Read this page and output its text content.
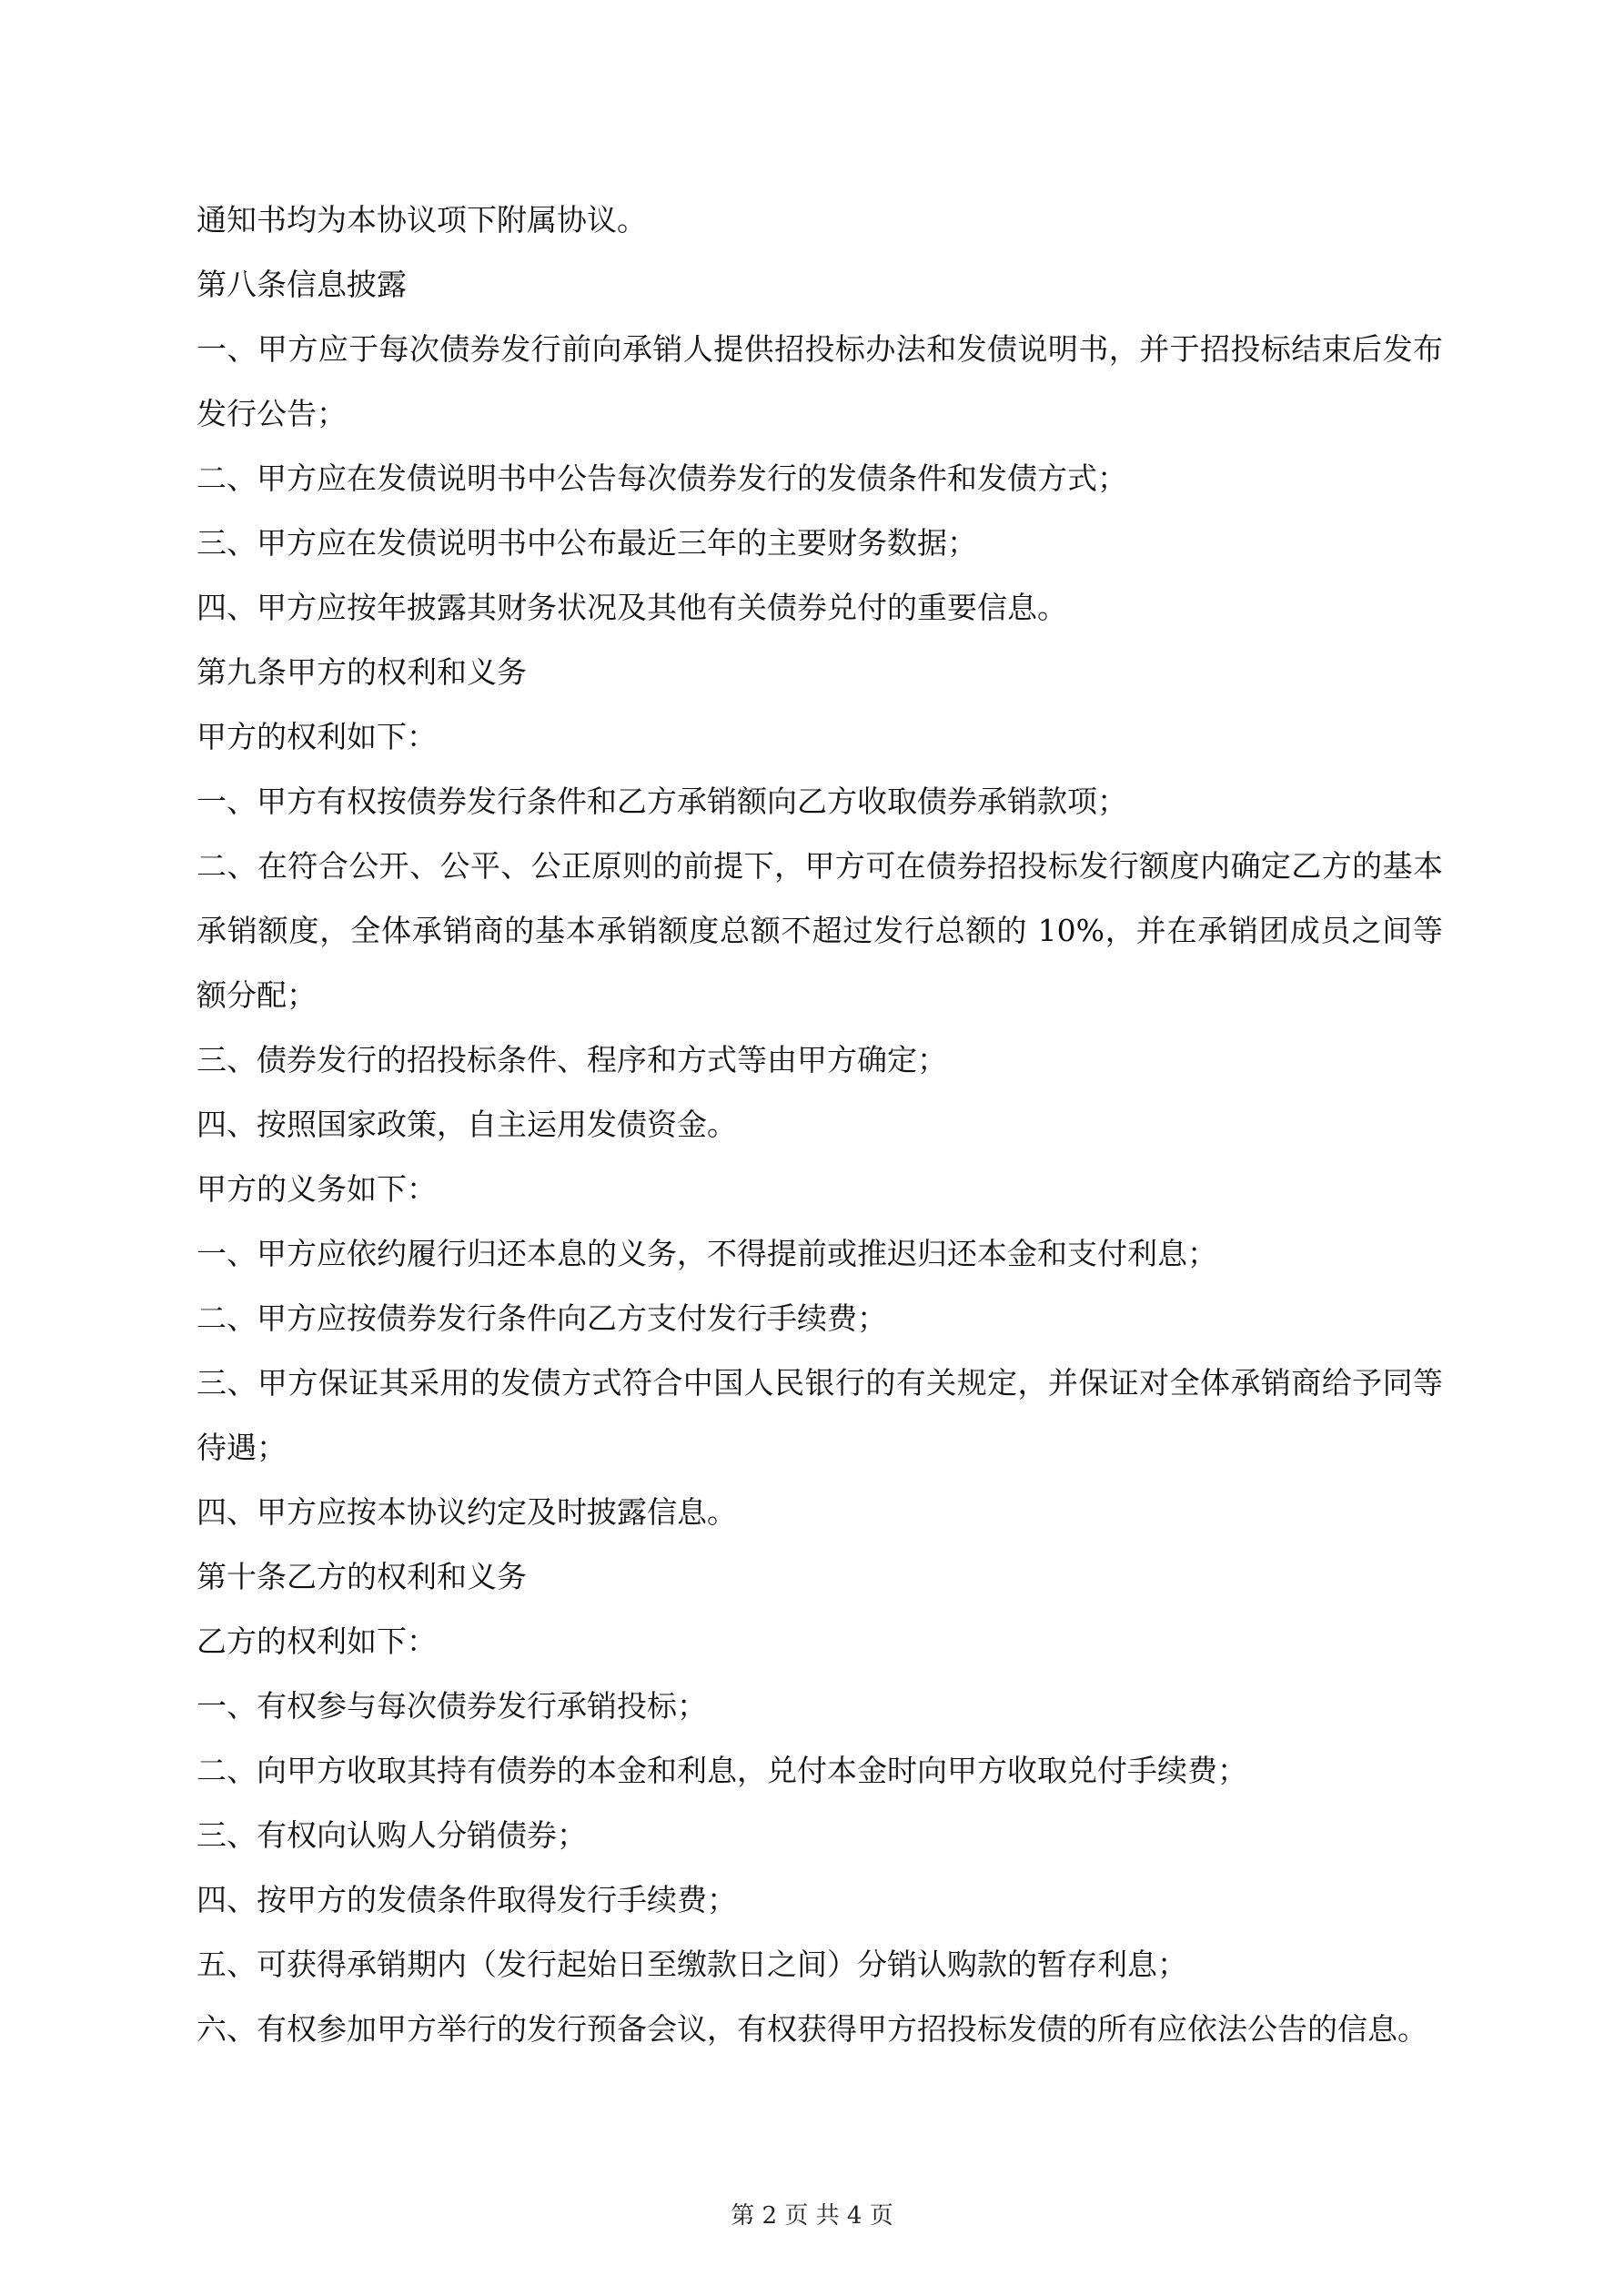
通知书均为本协议项下附属协议。

第八条信息披露

一、甲方应于每次债券发行前向承销人提供招投标办法和发债说明书，并于招投标结束后发布发行公告；

二、甲方应在发债说明书中公告每次债券发行的发债条件和发债方式；

三、甲方应在发债说明书中公布最近三年的主要财务数据；

四、甲方应按年披露其财务状况及其他有关债券兑付的重要信息。

第九条甲方的权利和义务

甲方的权利如下：

一、甲方有权按债券发行条件和乙方承销额向乙方收取债券承销款项；

二、在符合公开、公平、公正原则的前提下，甲方可在债券招投标发行额度内确定乙方的基本承销额度，全体承销商的基本承销额度总额不超过发行总额的 10%，并在承销团成员之间等额分配；

三、债券发行的招投标条件、程序和方式等由甲方确定；

四、按照国家政策，自主运用发债资金。

甲方的义务如下：

一、甲方应依约履行归还本息的义务，不得提前或推迟归还本金和支付利息；

二、甲方应按债券发行条件向乙方支付发行手续费；

三、甲方保证其采用的发债方式符合中国人民银行的有关规定，并保证对全体承销商给予同等待遇；

四、甲方应按本协议约定及时披露信息。

第十条乙方的权利和义务

乙方的权利如下：

一、有权参与每次债券发行承销投标；

二、向甲方收取其持有债券的本金和利息，兑付本金时向甲方收取兑付手续费；

三、有权向认购人分销债券；

四、按甲方的发债条件取得发行手续费；

五、可获得承销期内（发行起始日至缴款日之间）分销认购款的暂存利息；

六、有权参加甲方举行的发行预备会议，有权获得甲方招投标发债的所有应依法公告的信息。

第 2 页 共 4 页
